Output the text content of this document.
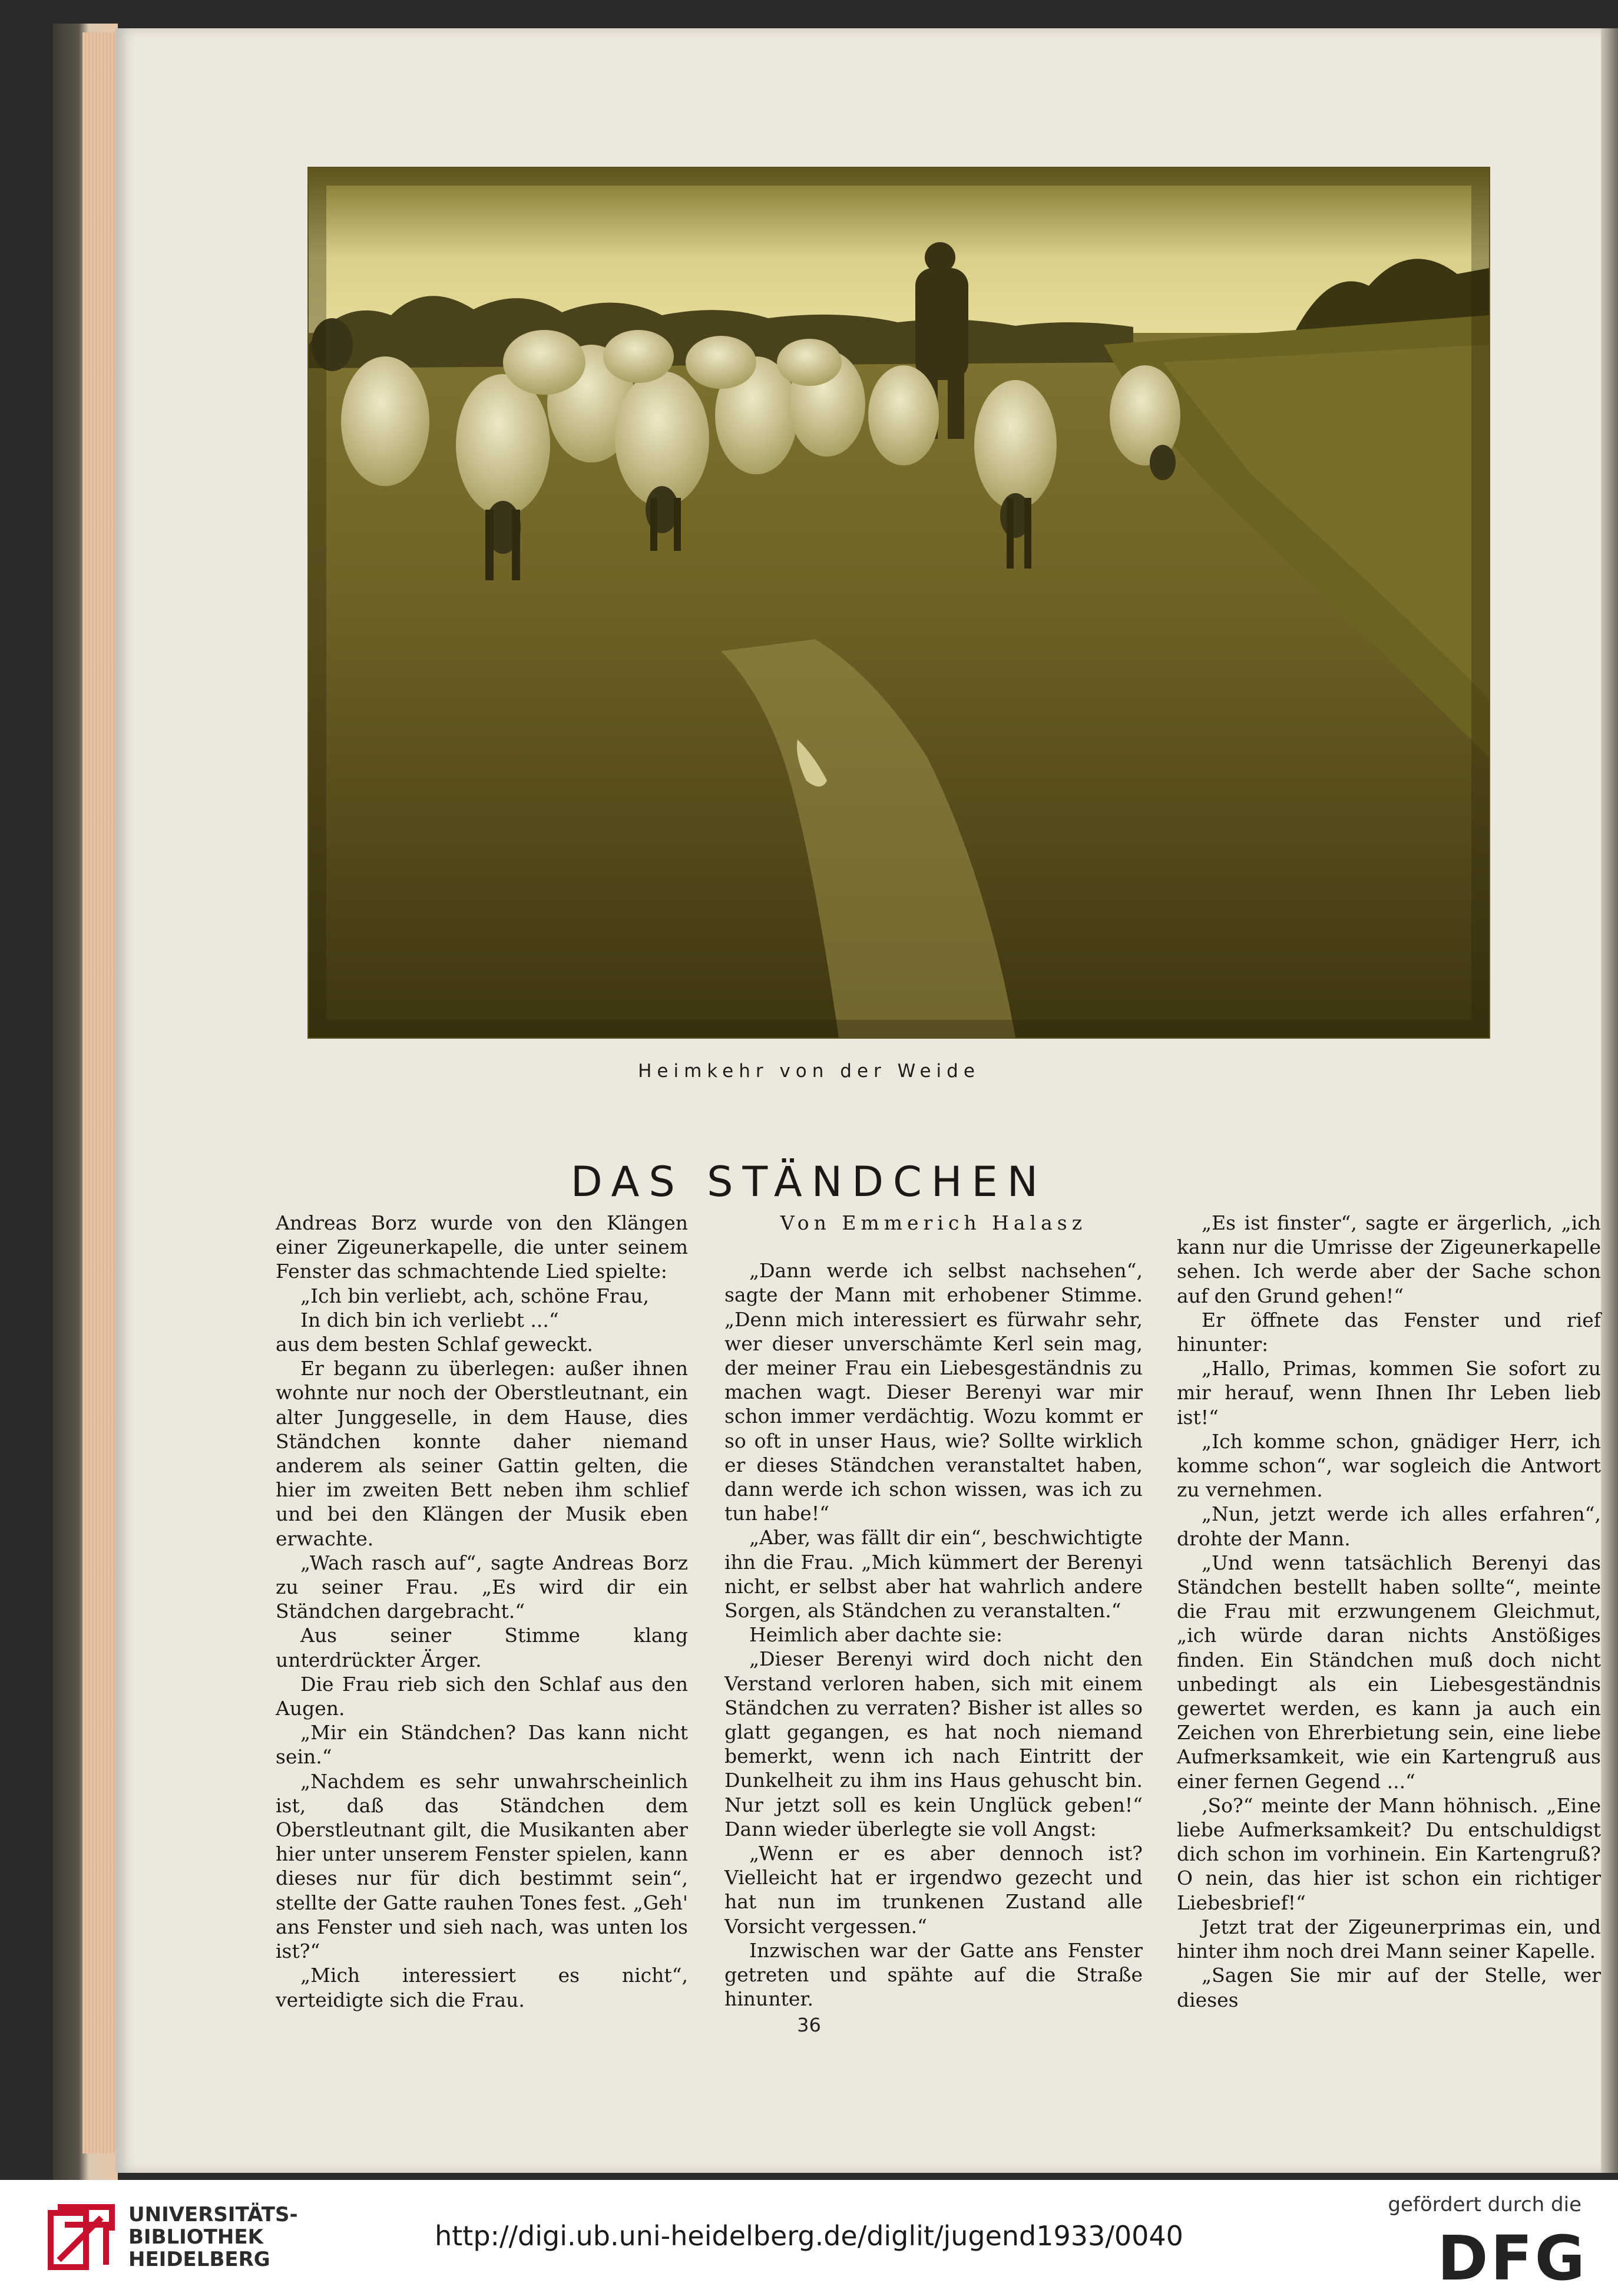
Heimkehr von der Weide
DAS STÄNDCHEN

Andreas Borz wurde von den Klängen einer Zigeunerkapelle, die unter seinem Fenster das schmachtende Lied spielte:

„Ich bin verliebt, ach, schöne Frau,

In dich bin ich verliebt ...“

aus dem besten Schlaf geweckt.

Er begann zu überlegen: außer ihnen wohnte nur noch der Oberstleutnant, ein alter Junggeselle, in dem Hause, dies Ständchen konnte daher niemand anderem als seiner Gattin gelten, die hier im zweiten Bett neben ihm schlief und bei den Klängen der Musik eben erwachte.

„Wach rasch auf“, sagte Andreas Borz zu seiner Frau. „Es wird dir ein Ständchen dargebracht.“

Aus seiner Stimme klang unterdrückter Ärger.

Die Frau rieb sich den Schlaf aus den Augen.

„Mir ein Ständchen? Das kann nicht sein.“

„Nachdem es sehr unwahrscheinlich ist, daß das Ständchen dem Oberstleutnant gilt, die Musikanten aber hier unter unserem Fenster spielen, kann dieses nur für dich bestimmt sein“, stellte der Gatte rauhen Tones fest. „Geh' ans Fenster und sieh nach, was unten los ist?“

„Mich interessiert es nicht“, verteidigte sich die Frau.

Von Emmerich Halasz

„Dann werde ich selbst nachsehen“, sagte der Mann mit erhobener Stimme. „Denn mich interessiert es fürwahr sehr, wer dieser unverschämte Kerl sein mag, der meiner Frau ein Liebesgeständnis zu machen wagt. Dieser Berenyi war mir schon immer verdächtig. Wozu kommt er so oft in unser Haus, wie? Sollte wirklich er dieses Ständchen veranstaltet haben, dann werde ich schon wissen, was ich zu tun habe!“

„Aber, was fällt dir ein“, beschwichtigte ihn die Frau. „Mich kümmert der Berenyi nicht, er selbst aber hat wahrlich andere Sorgen, als Ständchen zu veranstalten.“

Heimlich aber dachte sie:

„Dieser Berenyi wird doch nicht den Verstand verloren haben, sich mit einem Ständchen zu verraten? Bisher ist alles so glatt gegangen, es hat noch niemand bemerkt, wenn ich nach Eintritt der Dunkelheit zu ihm ins Haus gehuscht bin. Nur jetzt soll es kein Unglück geben!“ Dann wieder überlegte sie voll Angst:

„Wenn er es aber dennoch ist? Vielleicht hat er irgendwo gezecht und hat nun im trunkenen Zustand alle Vorsicht vergessen.“

Inzwischen war der Gatte ans Fenster getreten und spähte auf die Straße hinunter.

„Es ist finster“, sagte er ärgerlich, „ich kann nur die Umrisse der Zigeunerkapelle sehen. Ich werde aber der Sache schon auf den Grund gehen!“

Er öffnete das Fenster und rief hinunter:

„Hallo, Primas, kommen Sie sofort zu mir herauf, wenn Ihnen Ihr Leben lieb ist!“

„Ich komme schon, gnädiger Herr, ich komme schon“, war sogleich die Antwort zu vernehmen.

„Nun, jetzt werde ich alles erfahren“, drohte der Mann.

„Und wenn tatsächlich Berenyi das Ständchen bestellt haben sollte“, meinte die Frau mit erzwungenem Gleichmut, „ich würde daran nichts Anstößiges finden. Ein Ständchen muß doch nicht unbedingt als ein Liebesgeständnis gewertet werden, es kann ja auch ein Zeichen von Ehrerbietung sein, eine liebe Aufmerksamkeit, wie ein Kartengruß aus einer fernen Gegend ...“

‚So?“ meinte der Mann höhnisch. „Eine liebe Aufmerksamkeit? Du entschuldigst dich schon im vorhinein. Ein Kartengruß? O nein, das hier ist schon ein richtiger Liebesbrief!“

Jetzt trat der Zigeunerprimas ein, und hinter ihm noch drei Mann seiner Kapelle.

„Sagen Sie mir auf der Stelle, wer dieses

36
UNIVERSITÄTS-
BIBLIOTHEK
HEIDELBERG
http://digi.ub.uni-heidelberg.de/diglit/jugend1933/0040
gefördert durch die
DFG
